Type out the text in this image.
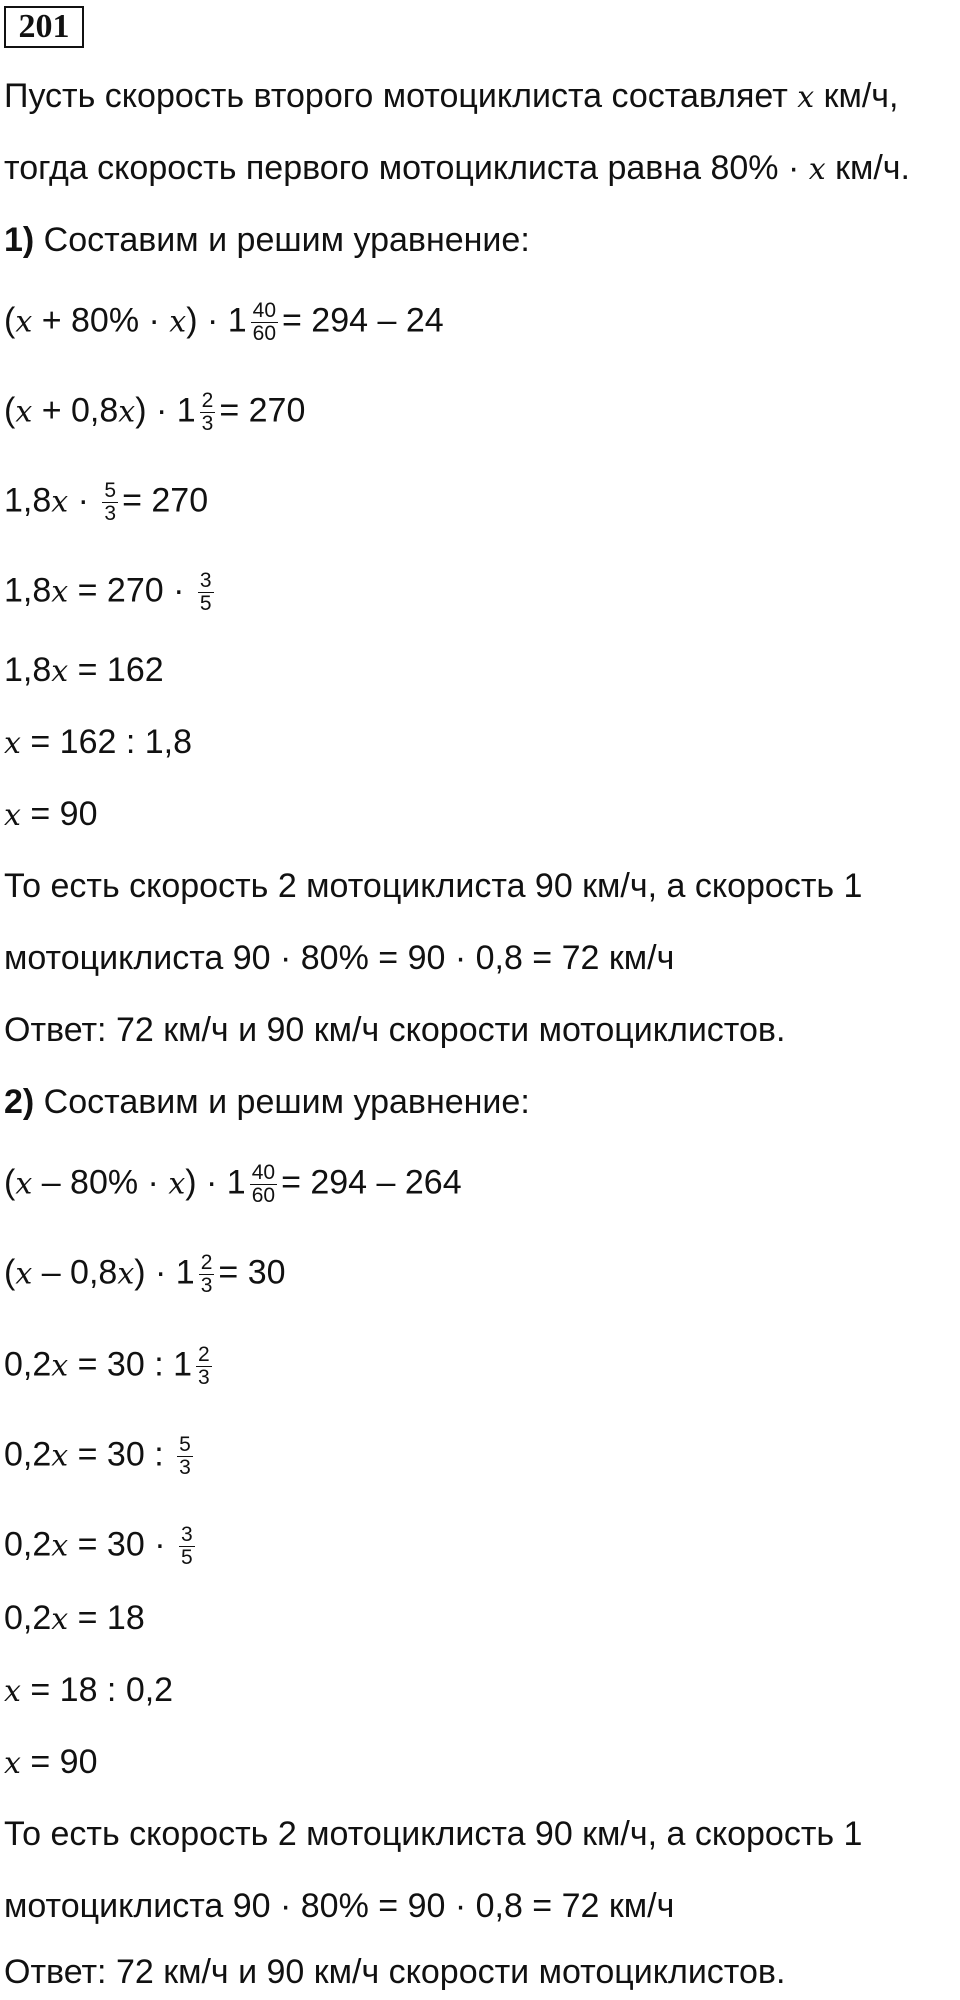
201
Пусть скорость второго мотоциклиста составляет x км/ч,
тогда скорость первого мотоциклиста равна 80% · x км/ч.
1) Составим и решим уравнение:
$(x + 80\% \cdot x) \cdot 1 \frac{40}{60} = 294 - 24$
$(x + 0,8x) \cdot 1 \frac{2}{3} = 270$
$1,8x \cdot \frac{5}{3} = 270$
$1,8x = 270 \cdot \frac{3}{5}$
1,8x = 162
x = 162 : 1,8
x = 90
То есть скорость 2 мотоциклиста 90 км/ч, а скорость 1
мотоциклиста 90 · 80% = 90 · 0,8 = 72 км/ч
Ответ: 72 км/ч и 90 км/ч скорости мотоциклистов.
2) Составим и решим уравнение:
$(x - 80\% \cdot x) \cdot 1 \frac{40}{60} = 294 - 264$
$(x - 0,8x) \cdot 1 \frac{2}{3} = 30$
0,2x = 30 : $1 \frac{2}{3}$
0,2x = 30 : $\frac{5}{3}$
$0,2x = 30 \cdot \frac{3}{5}$
0,2x = 18
x = 18 : 0,2
x = 90
То есть скорость 2 мотоциклиста 90 км/ч, а скорость 1
мотоциклиста 90 · 80% = 90 · 0,8 = 72 км/ч
Ответ: 72 км/ч и 90 км/ч скорости мотоциклистов.
